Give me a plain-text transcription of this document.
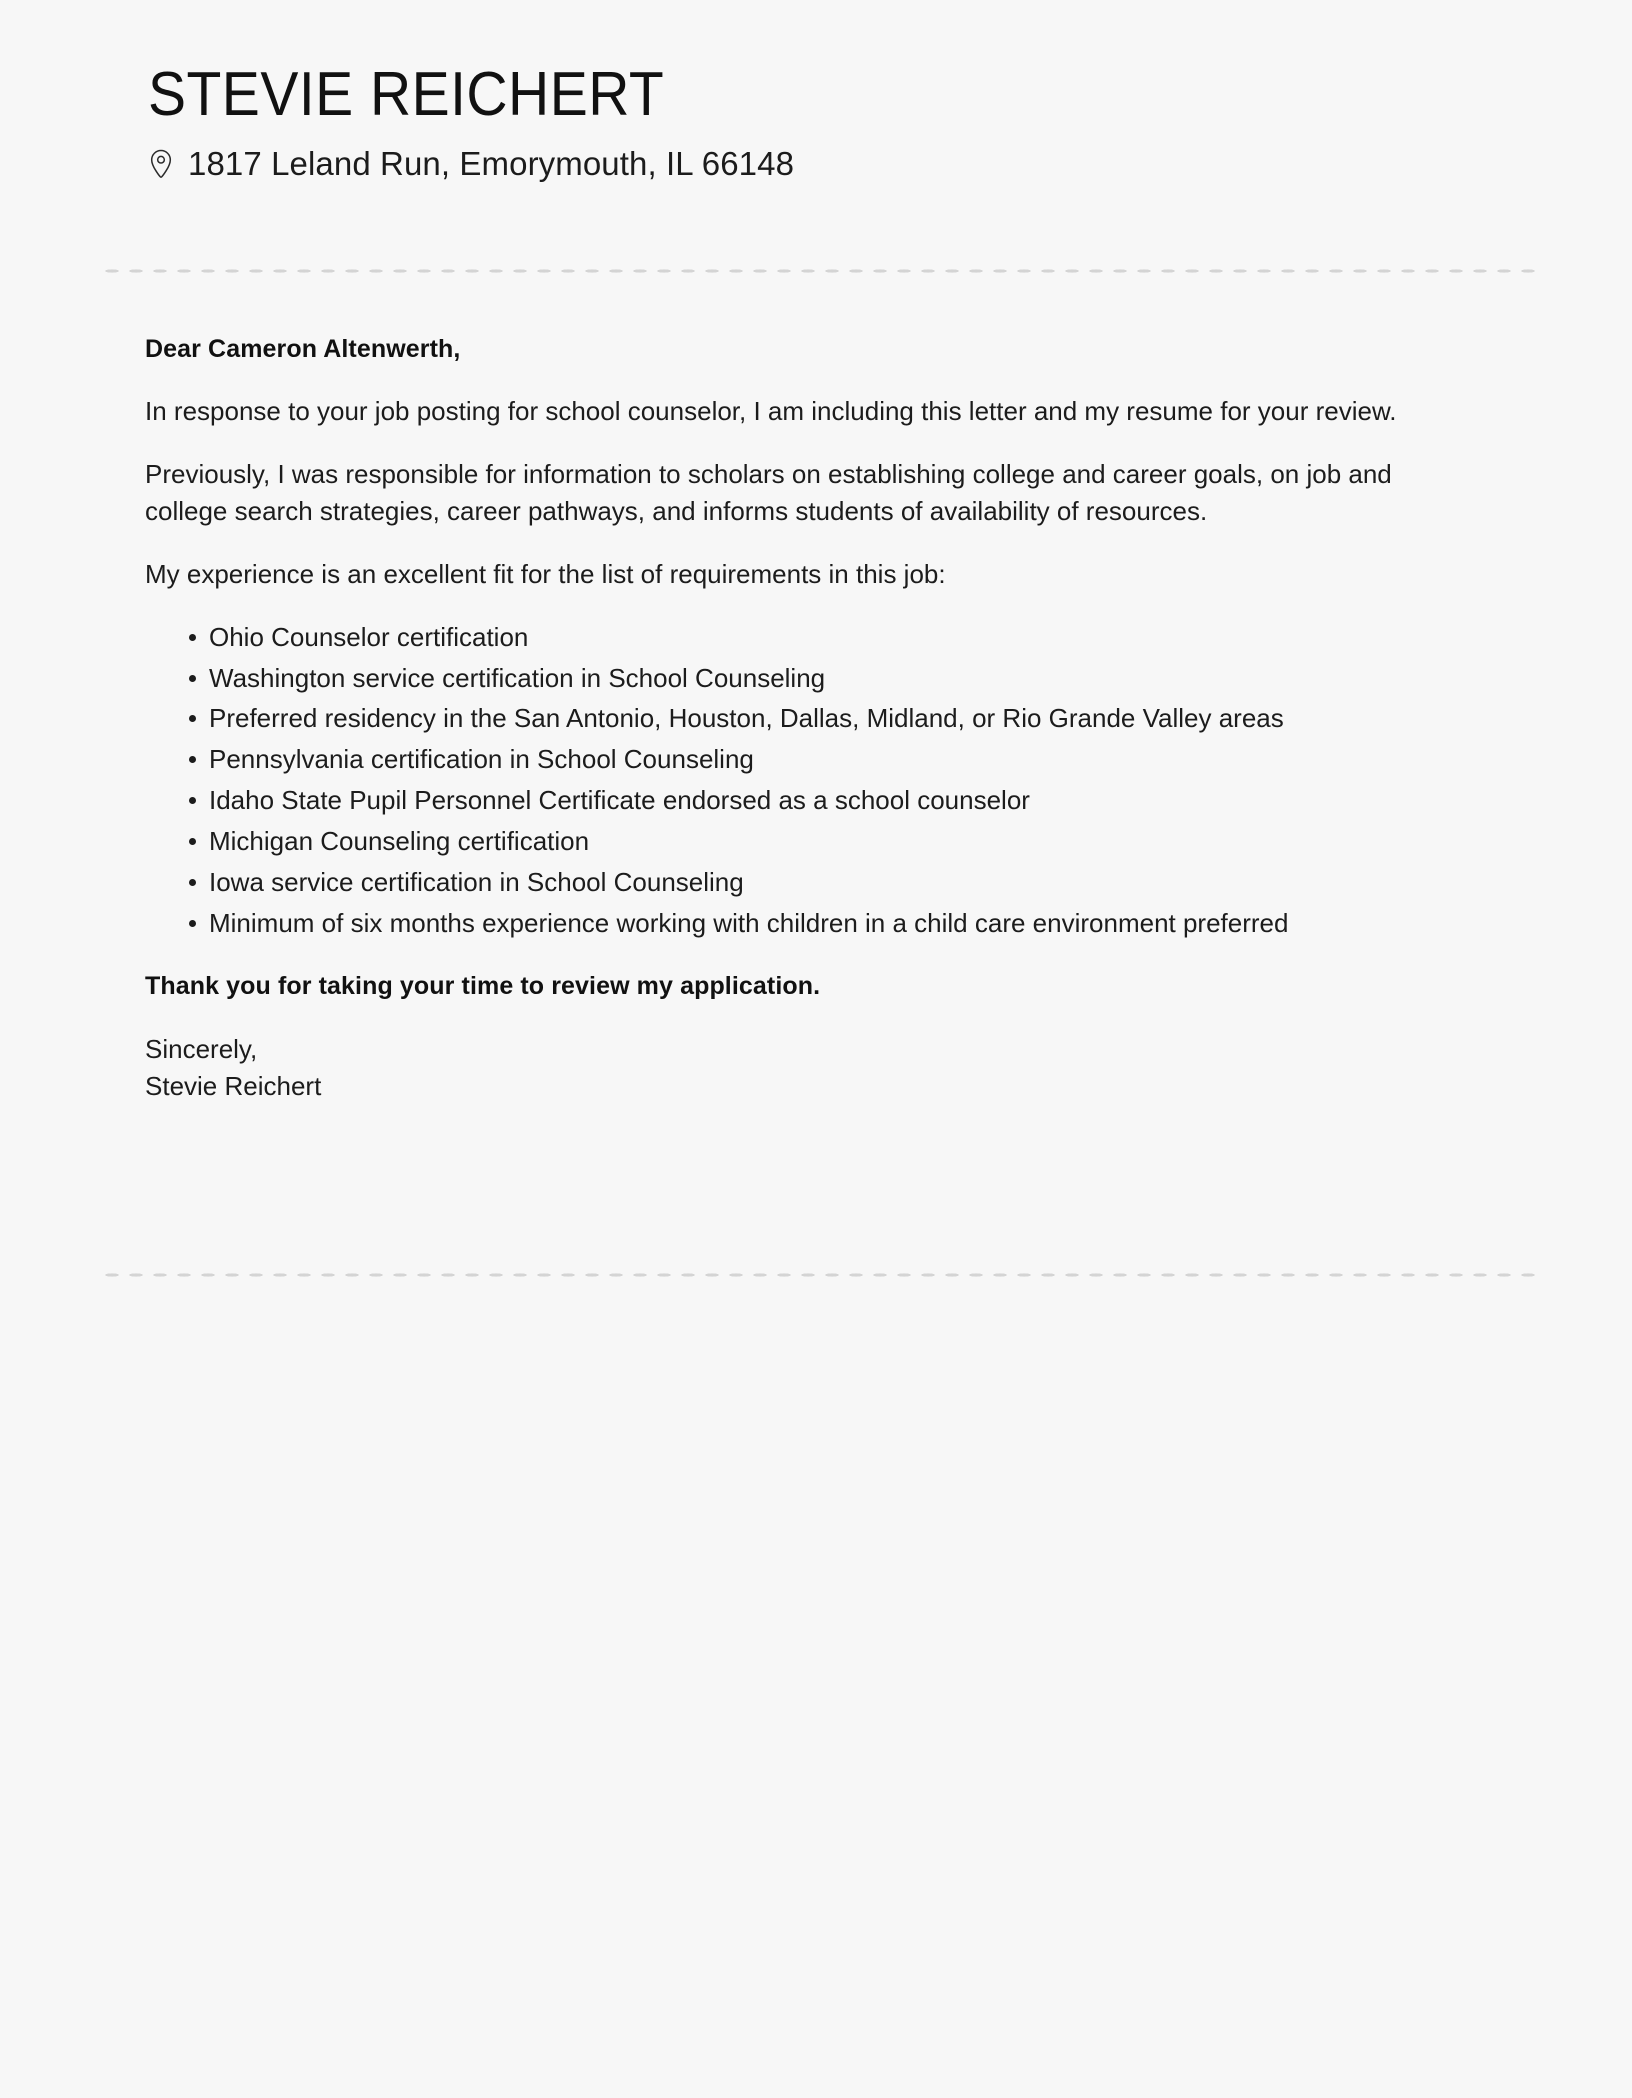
STEVIE REICHERT
1817 Leland Run, Emorymouth, IL 66148

Dear Cameron Altenwerth,

In response to your job posting for school counselor, I am including this letter and my resume for your review.

Previously, I was responsible for information to scholars on establishing college and career goals, on job and college search strategies, career pathways, and informs students of availability of resources.

My experience is an excellent fit for the list of requirements in this job:

Ohio Counselor certification
Washington service certification in School Counseling
Preferred residency in the San Antonio, Houston, Dallas, Midland, or Rio Grande Valley areas
Pennsylvania certification in School Counseling
Idaho State Pupil Personnel Certificate endorsed as a school counselor
Michigan Counseling certification
Iowa service certification in School Counseling
Minimum of six months experience working with children in a child care environment preferred

Thank you for taking your time to review my application.

Sincerely,
Stevie Reichert
